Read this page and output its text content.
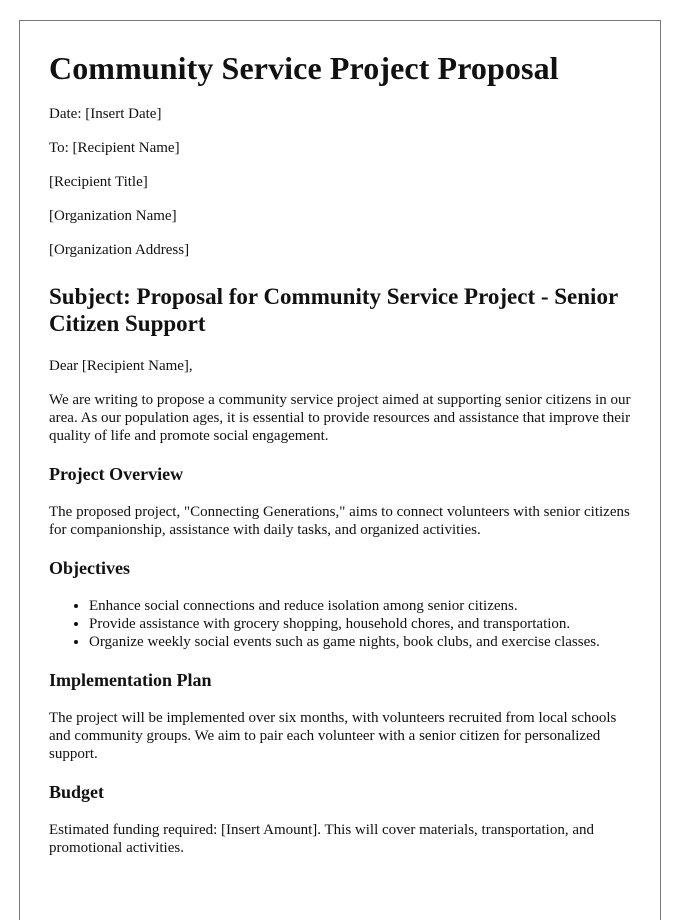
Community Service Project Proposal
Date: [Insert Date]
To: [Recipient Name]
[Recipient Title]
[Organization Name]
[Organization Address]
Subject: Proposal for Community Service Project - Senior Citizen Support
Dear [Recipient Name],

We are writing to propose a community service project aimed at supporting senior citizens in our area. As our population ages, it is essential to provide resources and assistance that improve their quality of life and promote social engagement.

Project Overview

The proposed project, "Connecting Generations," aims to connect volunteers with senior citizens for companionship, assistance with daily tasks, and organized activities.

Objectives
• Enhance social connections and reduce isolation among senior citizens.
• Provide assistance with grocery shopping, household chores, and transportation.
• Organize weekly social events such as game nights, book clubs, and exercise classes.
Implementation Plan

The project will be implemented over six months, with volunteers recruited from local schools and community groups. We aim to pair each volunteer with a senior citizen for personalized support.

Budget

Estimated funding required: [Insert Amount]. This will cover materials, transportation, and promotional activities.
